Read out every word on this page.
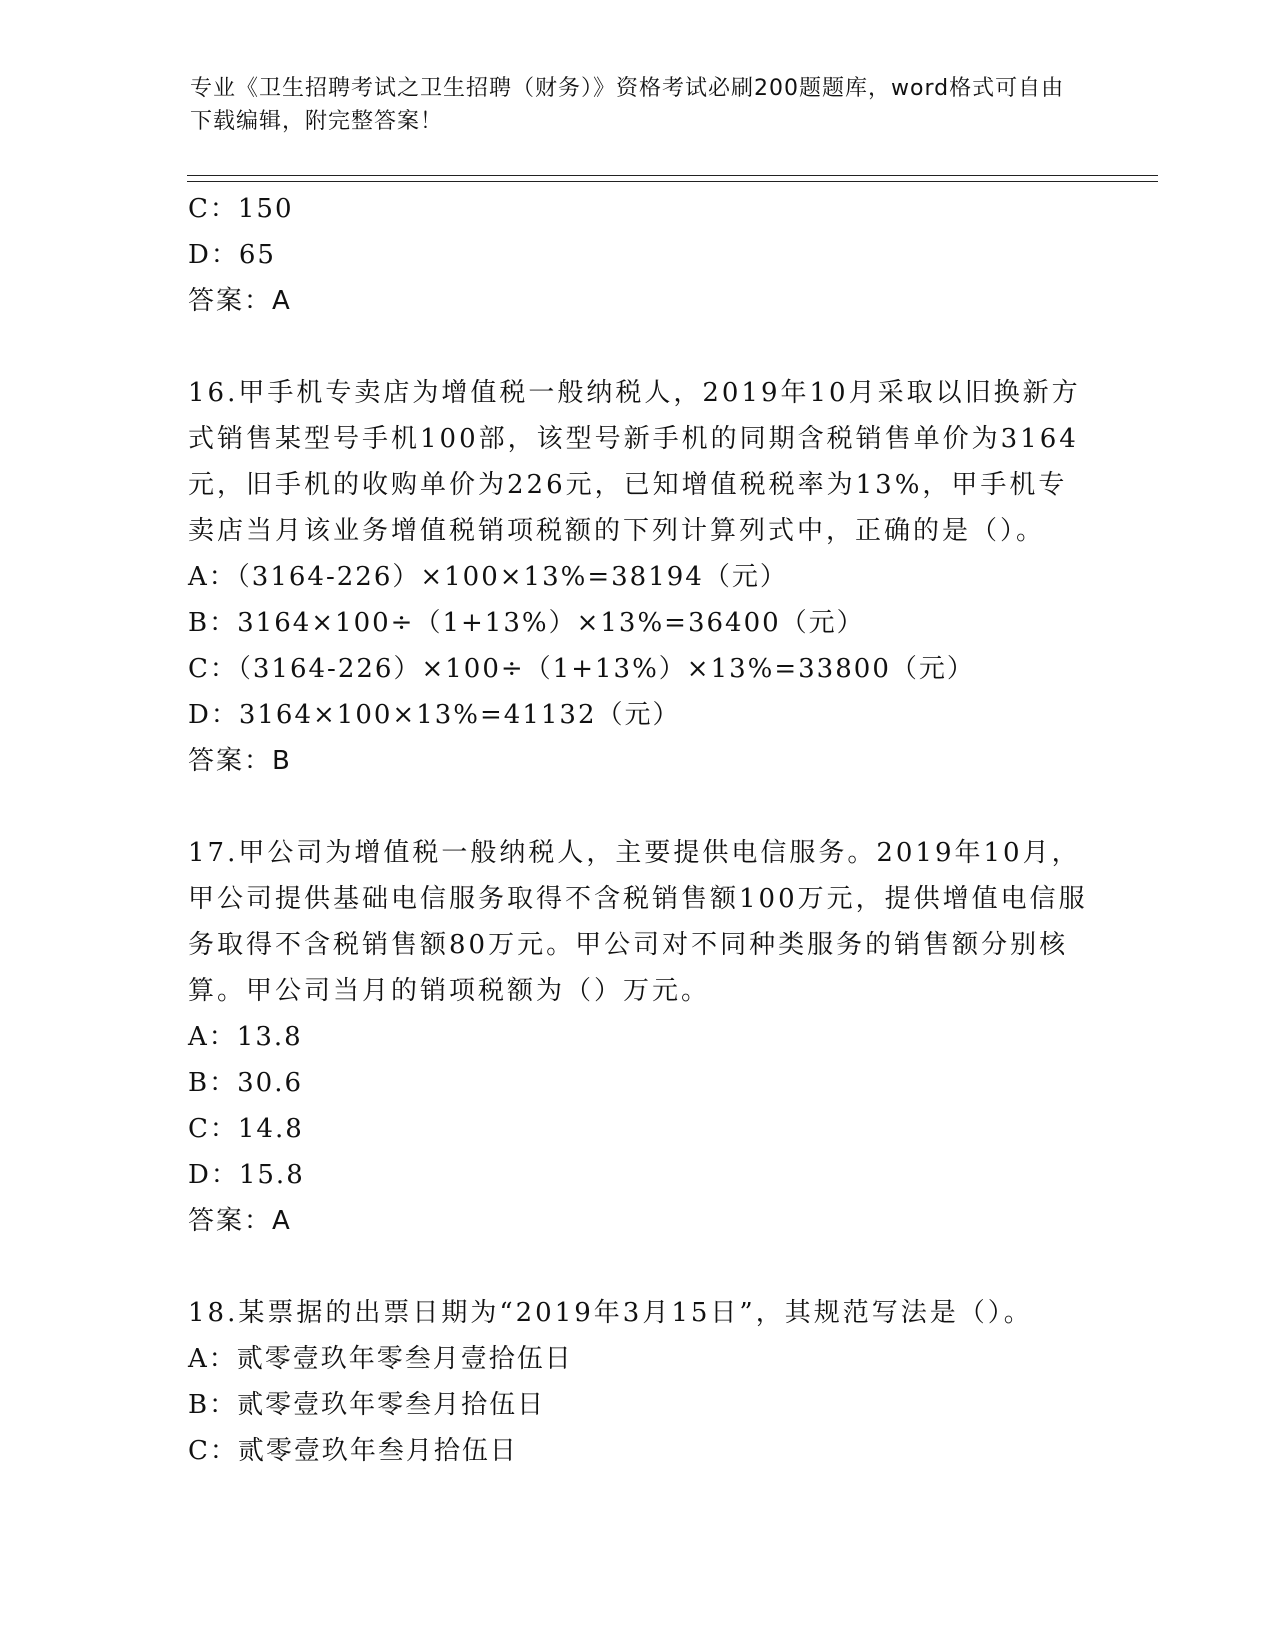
专业《卫生招聘考试之卫生招聘（财务）》资格考试必刷200题题库，word格式可自由下载编辑，附完整答案！
C：150
D：65
答案：A
16.甲手机专卖店为增值税一般纳税人，2019年10月采取以旧换新方式销售某型号手机100部，该型号新手机的同期含税销售单价为3164元，旧手机的收购单价为226元，已知增值税税率为13%，甲手机专卖店当月该业务增值税销项税额的下列计算列式中，正确的是（）。
A：（3164-226）×100×13%=38194（元）
B：3164×100÷（1+13%）×13%=36400（元）
C：（3164-226）×100÷（1+13%）×13%=33800（元）
D：3164×100×13%=41132（元）
答案：B
17.甲公司为增值税一般纳税人，主要提供电信服务。2019年10月，甲公司提供基础电信服务取得不含税销售额100万元，提供增值电信服务取得不含税销售额80万元。甲公司对不同种类服务的销售额分别核算。甲公司当月的销项税额为（）万元。
A：13.8
B：30.6
C：14.8
D：15.8
答案：A
18.某票据的出票日期为“2019年3月15日”，其规范写法是（）。
A：贰零壹玖年零叁月壹拾伍日
B：贰零壹玖年零叁月拾伍日
C：贰零壹玖年叁月拾伍日
